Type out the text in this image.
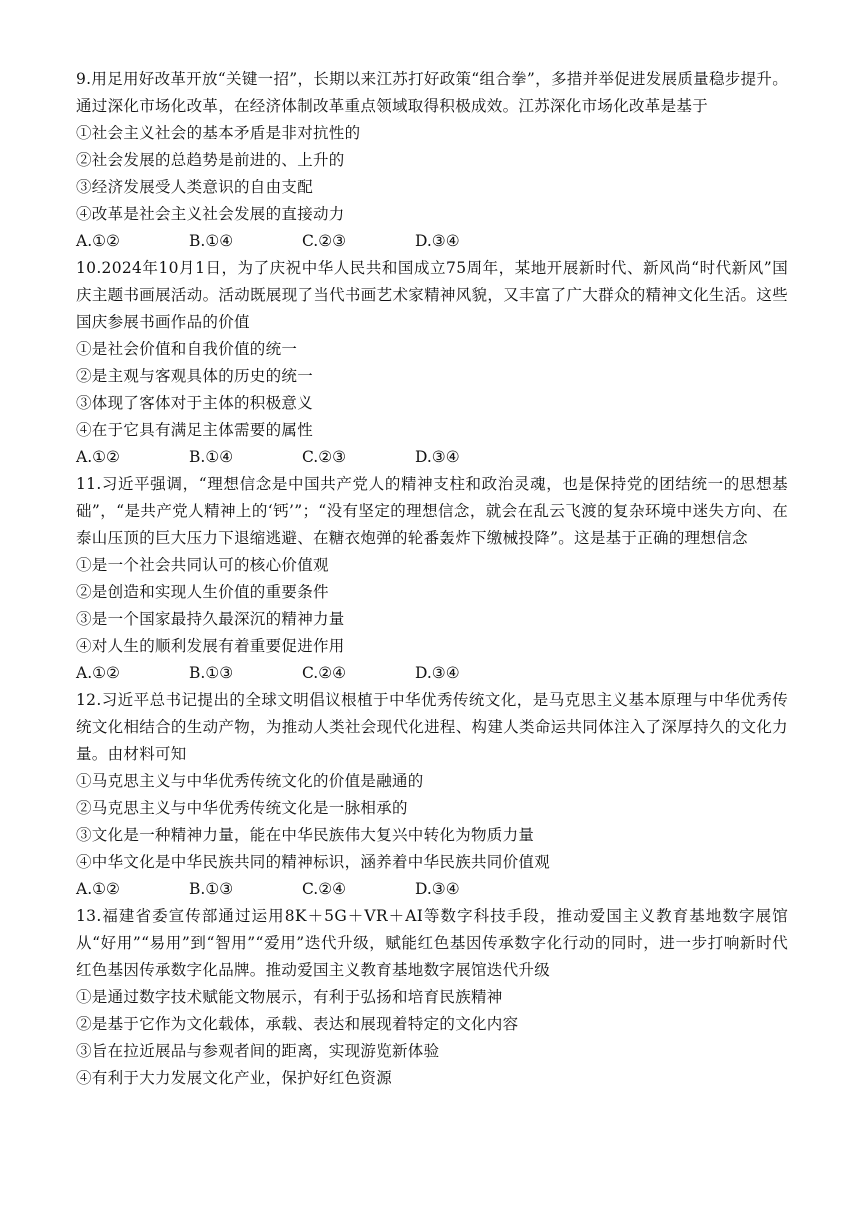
9.用足用好改革开放“关键一招”，长期以来江苏打好政策“组合拳”，多措并举促进发展质量稳步提升。通过深化市场化改革，在经济体制改革重点领域取得积极成效。江苏深化市场化改革是基于

①社会主义社会的基本矛盾是非对抗性的

②社会发展的总趋势是前进的、上升的

③经济发展受人类意识的自由支配

④改革是社会主义社会发展的直接动力

A.①②	B.①④	C.②③	D.③④

10.2024年10月1日，为了庆祝中华人民共和国成立75周年，某地开展新时代、新风尚“时代新风”国庆主题书画展活动。活动既展现了当代书画艺术家精神风貌，又丰富了广大群众的精神文化生活。这些国庆参展书画作品的价值

①是社会价值和自我价值的统一

②是主观与客观具体的历史的统一

③体现了客体对于主体的积极意义

④在于它具有满足主体需要的属性

A.①②	B.①④	C.②③	D.③④

11.习近平强调，“理想信念是中国共产党人的精神支柱和政治灵魂，也是保持党的团结统一的思想基础”，“是共产党人精神上的‘钙’”；“没有坚定的理想信念，就会在乱云飞渡的复杂环境中迷失方向、在泰山压顶的巨大压力下退缩逃避、在糖衣炮弹的轮番轰炸下缴械投降”。这是基于正确的理想信念

①是一个社会共同认可的核心价值观

②是创造和实现人生价值的重要条件

③是一个国家最持久最深沉的精神力量

④对人生的顺利发展有着重要促进作用

A.①②	B.①③	C.②④	D.③④

12.习近平总书记提出的全球文明倡议根植于中华优秀传统文化，是马克思主义基本原理与中华优秀传统文化相结合的生动产物，为推动人类社会现代化进程、构建人类命运共同体注入了深厚持久的文化力量。由材料可知

①马克思主义与中华优秀传统文化的价值是融通的

②马克思主义与中华优秀传统文化是一脉相承的

③文化是一种精神力量，能在中华民族伟大复兴中转化为物质力量

④中华文化是中华民族共同的精神标识，涵养着中华民族共同价值观

A.①②	B.①③	C.②④	D.③④

13.福建省委宣传部通过运用8K＋5G＋VR＋AI等数字科技手段，推动爱国主义教育基地数字展馆从“好用”“易用”到“智用”“爱用”迭代升级，赋能红色基因传承数字化行动的同时，进一步打响新时代红色基因传承数字化品牌。推动爱国主义教育基地数字展馆迭代升级

①是通过数字技术赋能文物展示，有利于弘扬和培育民族精神

②是基于它作为文化载体，承载、表达和展现着特定的文化内容

③旨在拉近展品与参观者间的距离，实现游览新体验

④有利于大力发展文化产业，保护好红色资源
